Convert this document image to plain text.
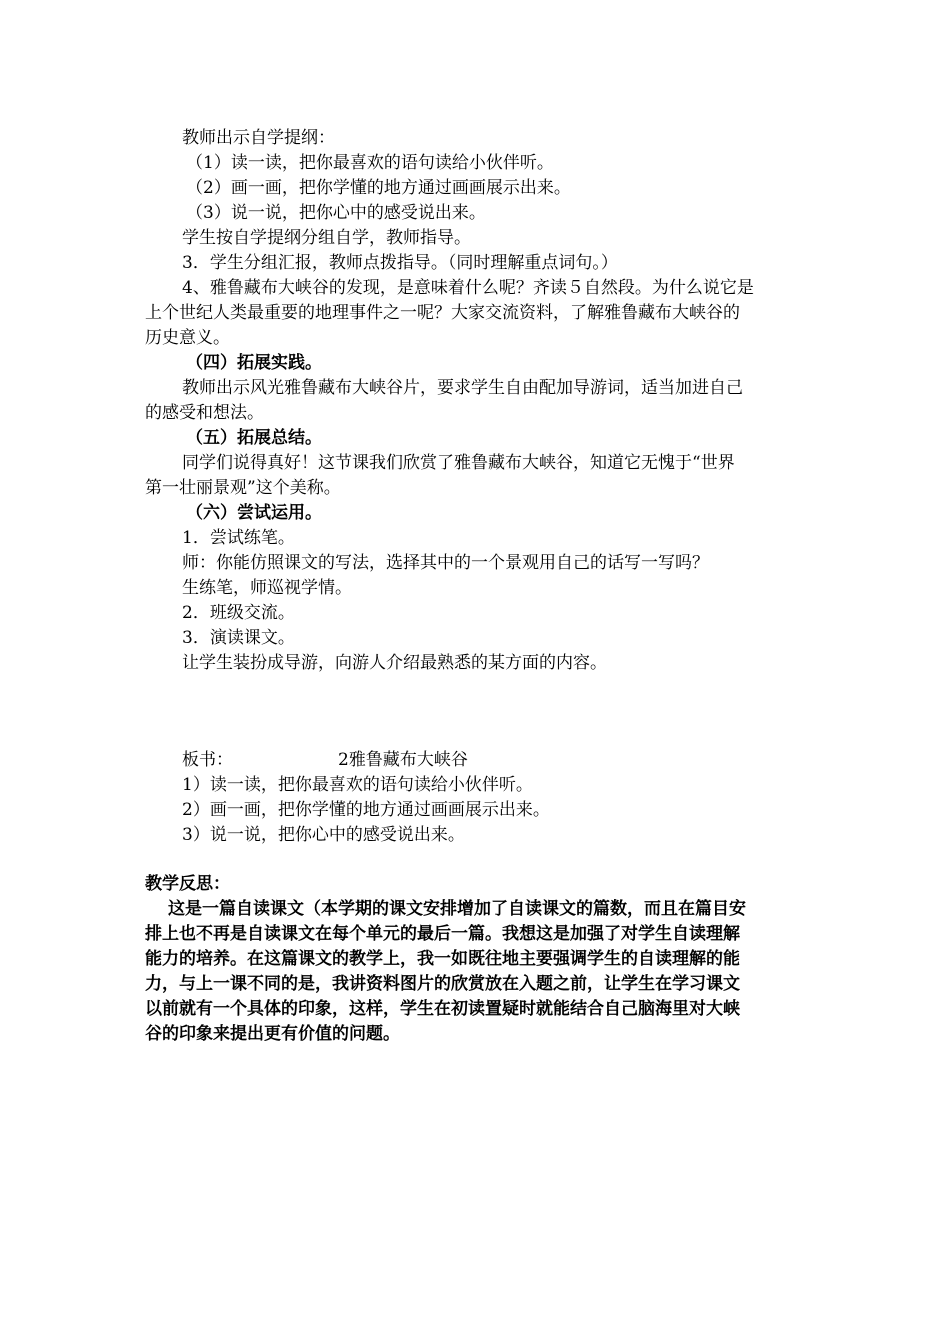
教师出示自学提纲：
（1）读一读，把你最喜欢的语句读给小伙伴听。
（2）画一画，把你学懂的地方通过画画展示出来。
（3）说一说，把你心中的感受说出来。
学生按自学提纲分组自学，教师指导。
3．学生分组汇报，教师点拨指导。（同时理解重点词句。）
4、雅鲁藏布大峡谷的发现，是意味着什么呢？齐读５自然段。为什么说它是
上个世纪人类最重要的地理事件之一呢？大家交流资料，了解雅鲁藏布大峡谷的
历史意义。
（四）拓展实践。
教师出示风光雅鲁藏布大峡谷片，要求学生自由配加导游词，适当加进自己
的感受和想法。
（五）拓展总结。
同学们说得真好！这节课我们欣赏了雅鲁藏布大峡谷，知道它无愧于“世界
第一壮丽景观”这个美称。
（六）尝试运用。
1．尝试练笔。
师：你能仿照课文的写法，选择其中的一个景观用自己的话写一写吗？
生练笔，师巡视学情。
2．班级交流。
3．演读课文。
让学生装扮成导游，向游人介绍最熟悉的某方面的内容。
板书：	2雅鲁藏布大峡谷
1）读一读，把你最喜欢的语句读给小伙伴听。
2）画一画，把你学懂的地方通过画画展示出来。
3）说一说，把你心中的感受说出来。
教学反思：
这是一篇自读课文（本学期的课文安排增加了自读课文的篇数，而且在篇目安
排上也不再是自读课文在每个单元的最后一篇。我想这是加强了对学生自读理解
能力的培养。在这篇课文的教学上，我一如既往地主要强调学生的自读理解的能
力，与上一课不同的是，我讲资料图片的欣赏放在入题之前，让学生在学习课文
以前就有一个具体的印象，这样，学生在初读置疑时就能结合自己脑海里对大峡
谷的印象来提出更有价值的问题。
